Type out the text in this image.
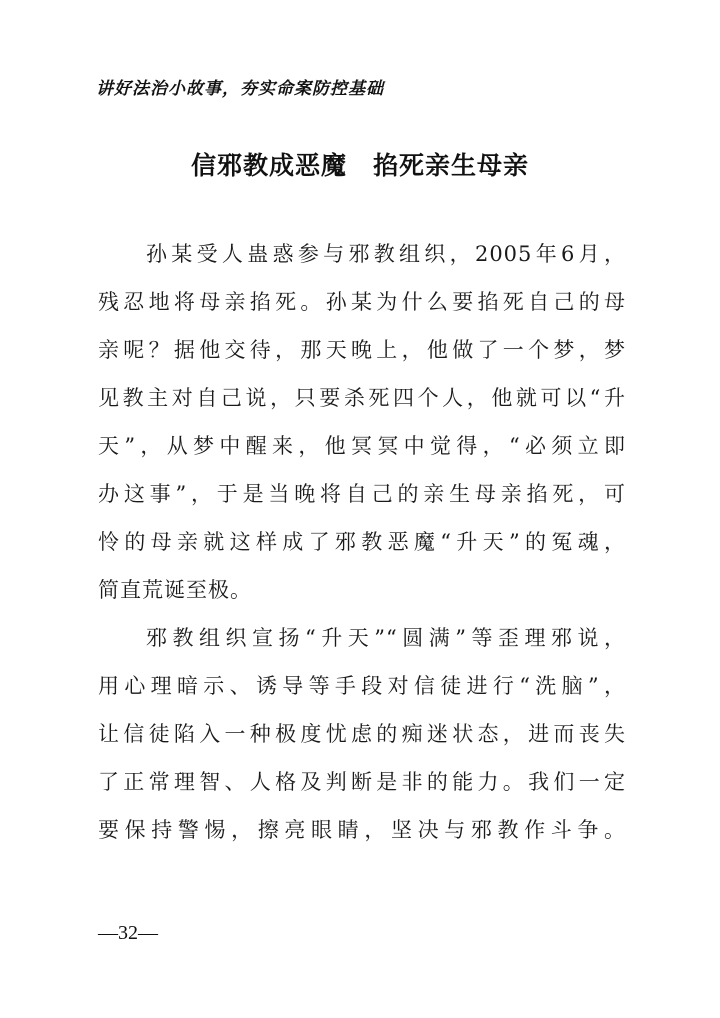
讲好法治小故事，夯实命案防控基础
信邪教成恶魔　掐死亲生母亲
孙某受人蛊惑参与邪教组织，2005年6月，
残忍地将母亲掐死。孙某为什么要掐死自己的母
亲呢？据他交待，那天晚上，他做了一个梦，梦
见教主对自己说，只要杀死四个人，他就可以“升
天”，从梦中醒来，他冥冥中觉得，“必须立即
办这事”，于是当晚将自己的亲生母亲掐死，可
怜的母亲就这样成了邪教恶魔“升天”的冤魂，
简直荒诞至极。
邪教组织宣扬“升天”“圆满”等歪理邪说，
用心理暗示、诱导等手段对信徒进行“洗脑”，
让信徒陷入一种极度忧虑的痴迷状态，进而丧失
了正常理智、人格及判断是非的能力。我们一定
要保持警惕，擦亮眼睛，坚决与邪教作斗争。
—32—
